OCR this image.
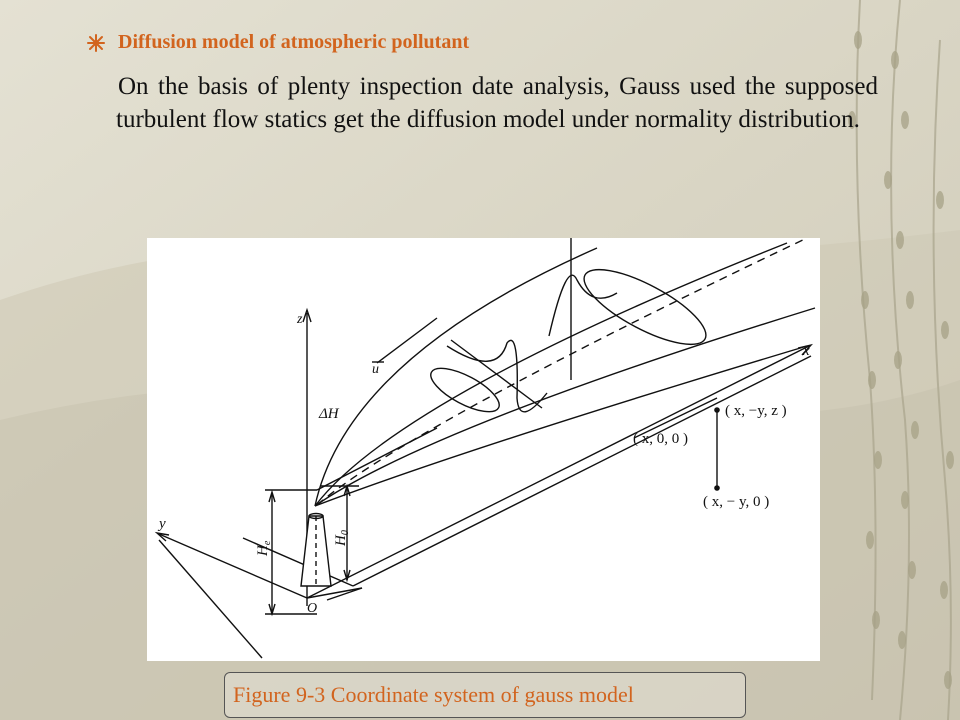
Diffusion model of atmospheric pollutant
On the basis of plenty inspection date analysis, Gauss used the supposed turbulent flow statics get the diffusion model under normality distribution.
z
x
y
O
u
ΔH
$H_e$	$H_0$
( x, −y, z )
( x, 0, 0 )
( x, − y, 0 )
Figure 9-3 Coordinate system of gauss model
